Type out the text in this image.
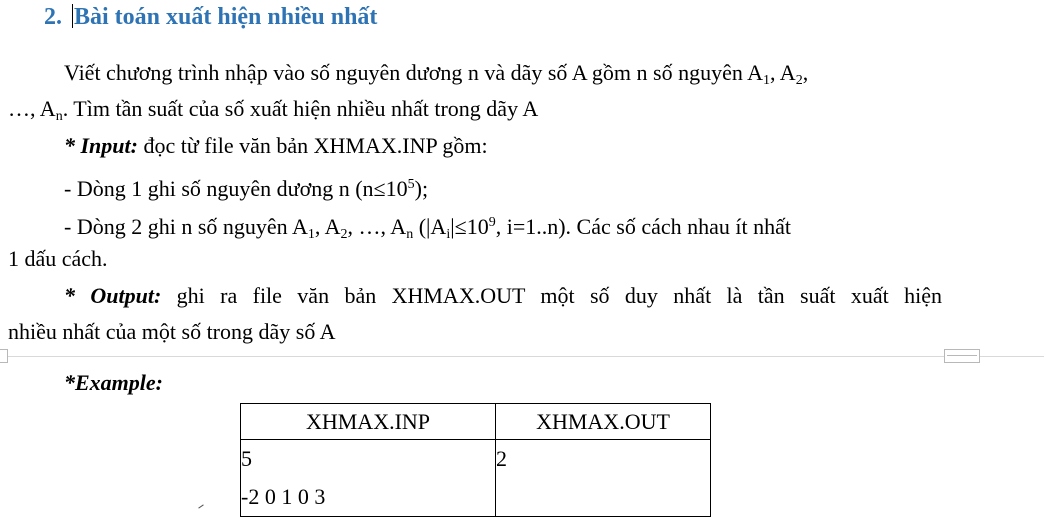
2. Bài toán xuất hiện nhiều nhất
Viết chương trình nhập vào số nguyên dương n và dãy số A gồm n số nguyên $A_1$, $A_2$,
…, $A_n$. Tìm tần suất của số xuất hiện nhiều nhất trong dãy A
* Input: đọc từ file văn bản XHMAX.INP gồm:
- Dòng 1 ghi số nguyên dương n $(n\le 10^5)$;
- Dòng 2 ghi n số nguyên $A_1$, $A_2$, …, $A_n$ ($|A_i|\le 10^9$, i=1..n). Các số cách nhau ít nhất
1 dấu cách.
* Output: ghi ra file văn bản XHMAX.OUT một số duy nhất là tần suất xuất hiện
nhiều nhất của một số trong dãy số A
*Example:
XHMAX.INP	XHMAX.OUT

5
-2 0 1 0 3	2
